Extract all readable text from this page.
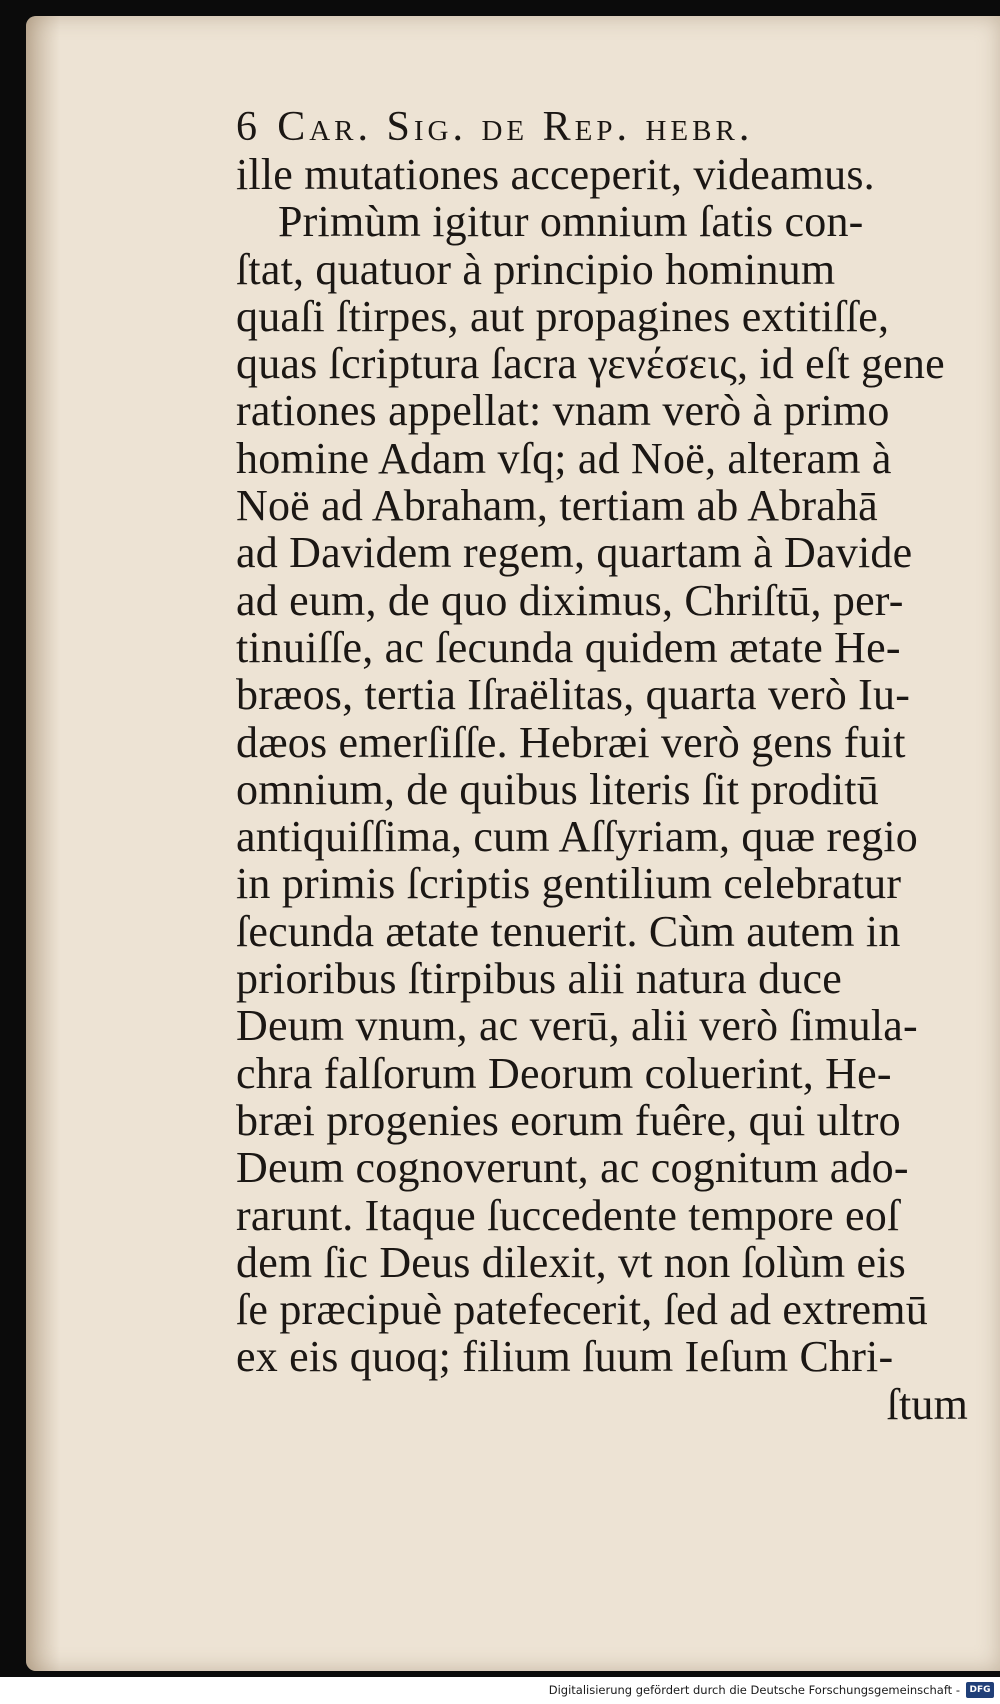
6 Car. Sig. de Rep. hebr.
ille mutationes acceperit, videamus.
Primùm igitur omnium ſatis con-
ſtat, quatuor à principio hominum
quaſi ſtirpes, aut propagines extitiſſe,
quas ſcriptura ſacra γενέσεις, id eſt gene
rationes appellat: vnam verò à primo
homine Adam vſq; ad Noë, alteram à
Noë ad Abraham, tertiam ab Abrahā
ad Davidem regem, quartam à Davide
ad eum, de quo diximus, Chriſtū, per-
tinuiſſe, ac ſecunda quidem ætate He-
bræos, tertia Iſraëlitas, quarta verò Iu-
dæos emerſiſſe. Hebræi verò gens fuit
omnium, de quibus literis ſit proditū
antiquiſſima, cum Aſſyriam, quæ regio
in primis ſcriptis gentilium celebratur
ſecunda ætate tenuerit. Cùm autem in
prioribus ſtirpibus alii natura duce
Deum vnum, ac verū, alii verò ſimula-
chra falſorum Deorum coluerint, He-
bræi progenies eorum fuêre, qui ultro
Deum cognoverunt, ac cognitum ado-
rarunt. Itaque ſuccedente tempore eoſ
dem ſic Deus dilexit, vt non ſolùm eis
ſe præcipuè patefecerit, ſed ad extremū
ex eis quoq; filium ſuum Ieſum Chri-
ſtum
Digitalisierung gefördert durch die Deutsche Forschungsgemeinschaft -	DFG
